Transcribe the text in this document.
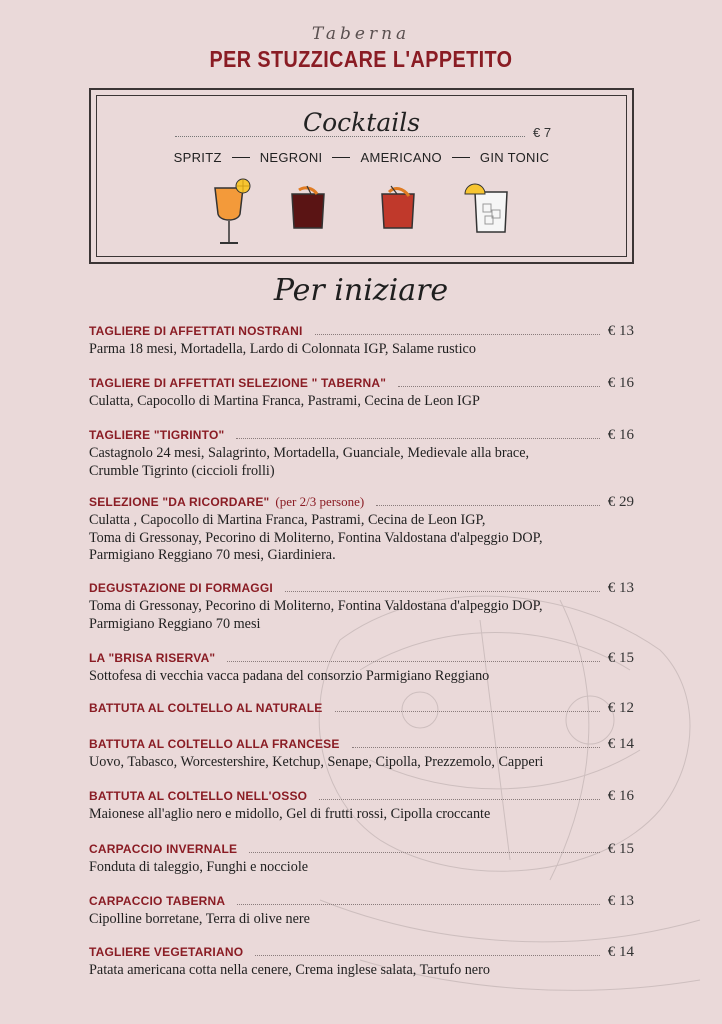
Taberna
PER STUZZICARE L'APPETITO
Cocktails	€ 7
SPRITZ	NEGRONI	AMERICANO	GIN TONIC
Per iniziare
TAGLIERE DI AFFETTATI NOSTRANI	€ 13
Parma 18 mesi, Mortadella, Lardo di Colonnata IGP, Salame rustico
TAGLIERE DI AFFETTATI SELEZIONE " TABERNA"	€ 16
Culatta, Capocollo di Martina Franca, Pastrami, Cecina de Leon IGP
TAGLIERE "TIGRINTO"	€ 16
Castagnolo 24 mesi, Salagrinto, Mortadella, Guanciale, Medievale alla brace,
Crumble Tigrinto (ciccioli frolli)
SELEZIONE "DA RICORDARE" (per 2/3 persone)	€ 29
Culatta , Capocollo di Martina Franca, Pastrami, Cecina de Leon IGP,
Toma di Gressonay, Pecorino di Moliterno, Fontina Valdostana d'alpeggio DOP,
Parmigiano Reggiano 70 mesi, Giardiniera.
DEGUSTAZIONE DI FORMAGGI	€ 13
Toma di Gressonay, Pecorino di Moliterno, Fontina Valdostana d'alpeggio DOP,
Parmigiano Reggiano 70 mesi
LA "BRISA RISERVA"	€ 15
Sottofesa di vecchia vacca padana del consorzio Parmigiano Reggiano
BATTUTA AL COLTELLO AL NATURALE	€ 12
BATTUTA AL COLTELLO ALLA FRANCESE	€ 14
Uovo, Tabasco, Worcestershire, Ketchup, Senape, Cipolla, Prezzemolo, Capperi
BATTUTA AL COLTELLO NELL'OSSO	€ 16
Maionese all'aglio nero e midollo, Gel di frutti rossi, Cipolla croccante
CARPACCIO INVERNALE	€ 15
Fonduta di taleggio, Funghi e nocciole
CARPACCIO TABERNA	€ 13
Cipolline borretane, Terra di olive nere
TAGLIERE VEGETARIANO	€ 14
Patata americana cotta nella cenere, Crema inglese salata, Tartufo nero
